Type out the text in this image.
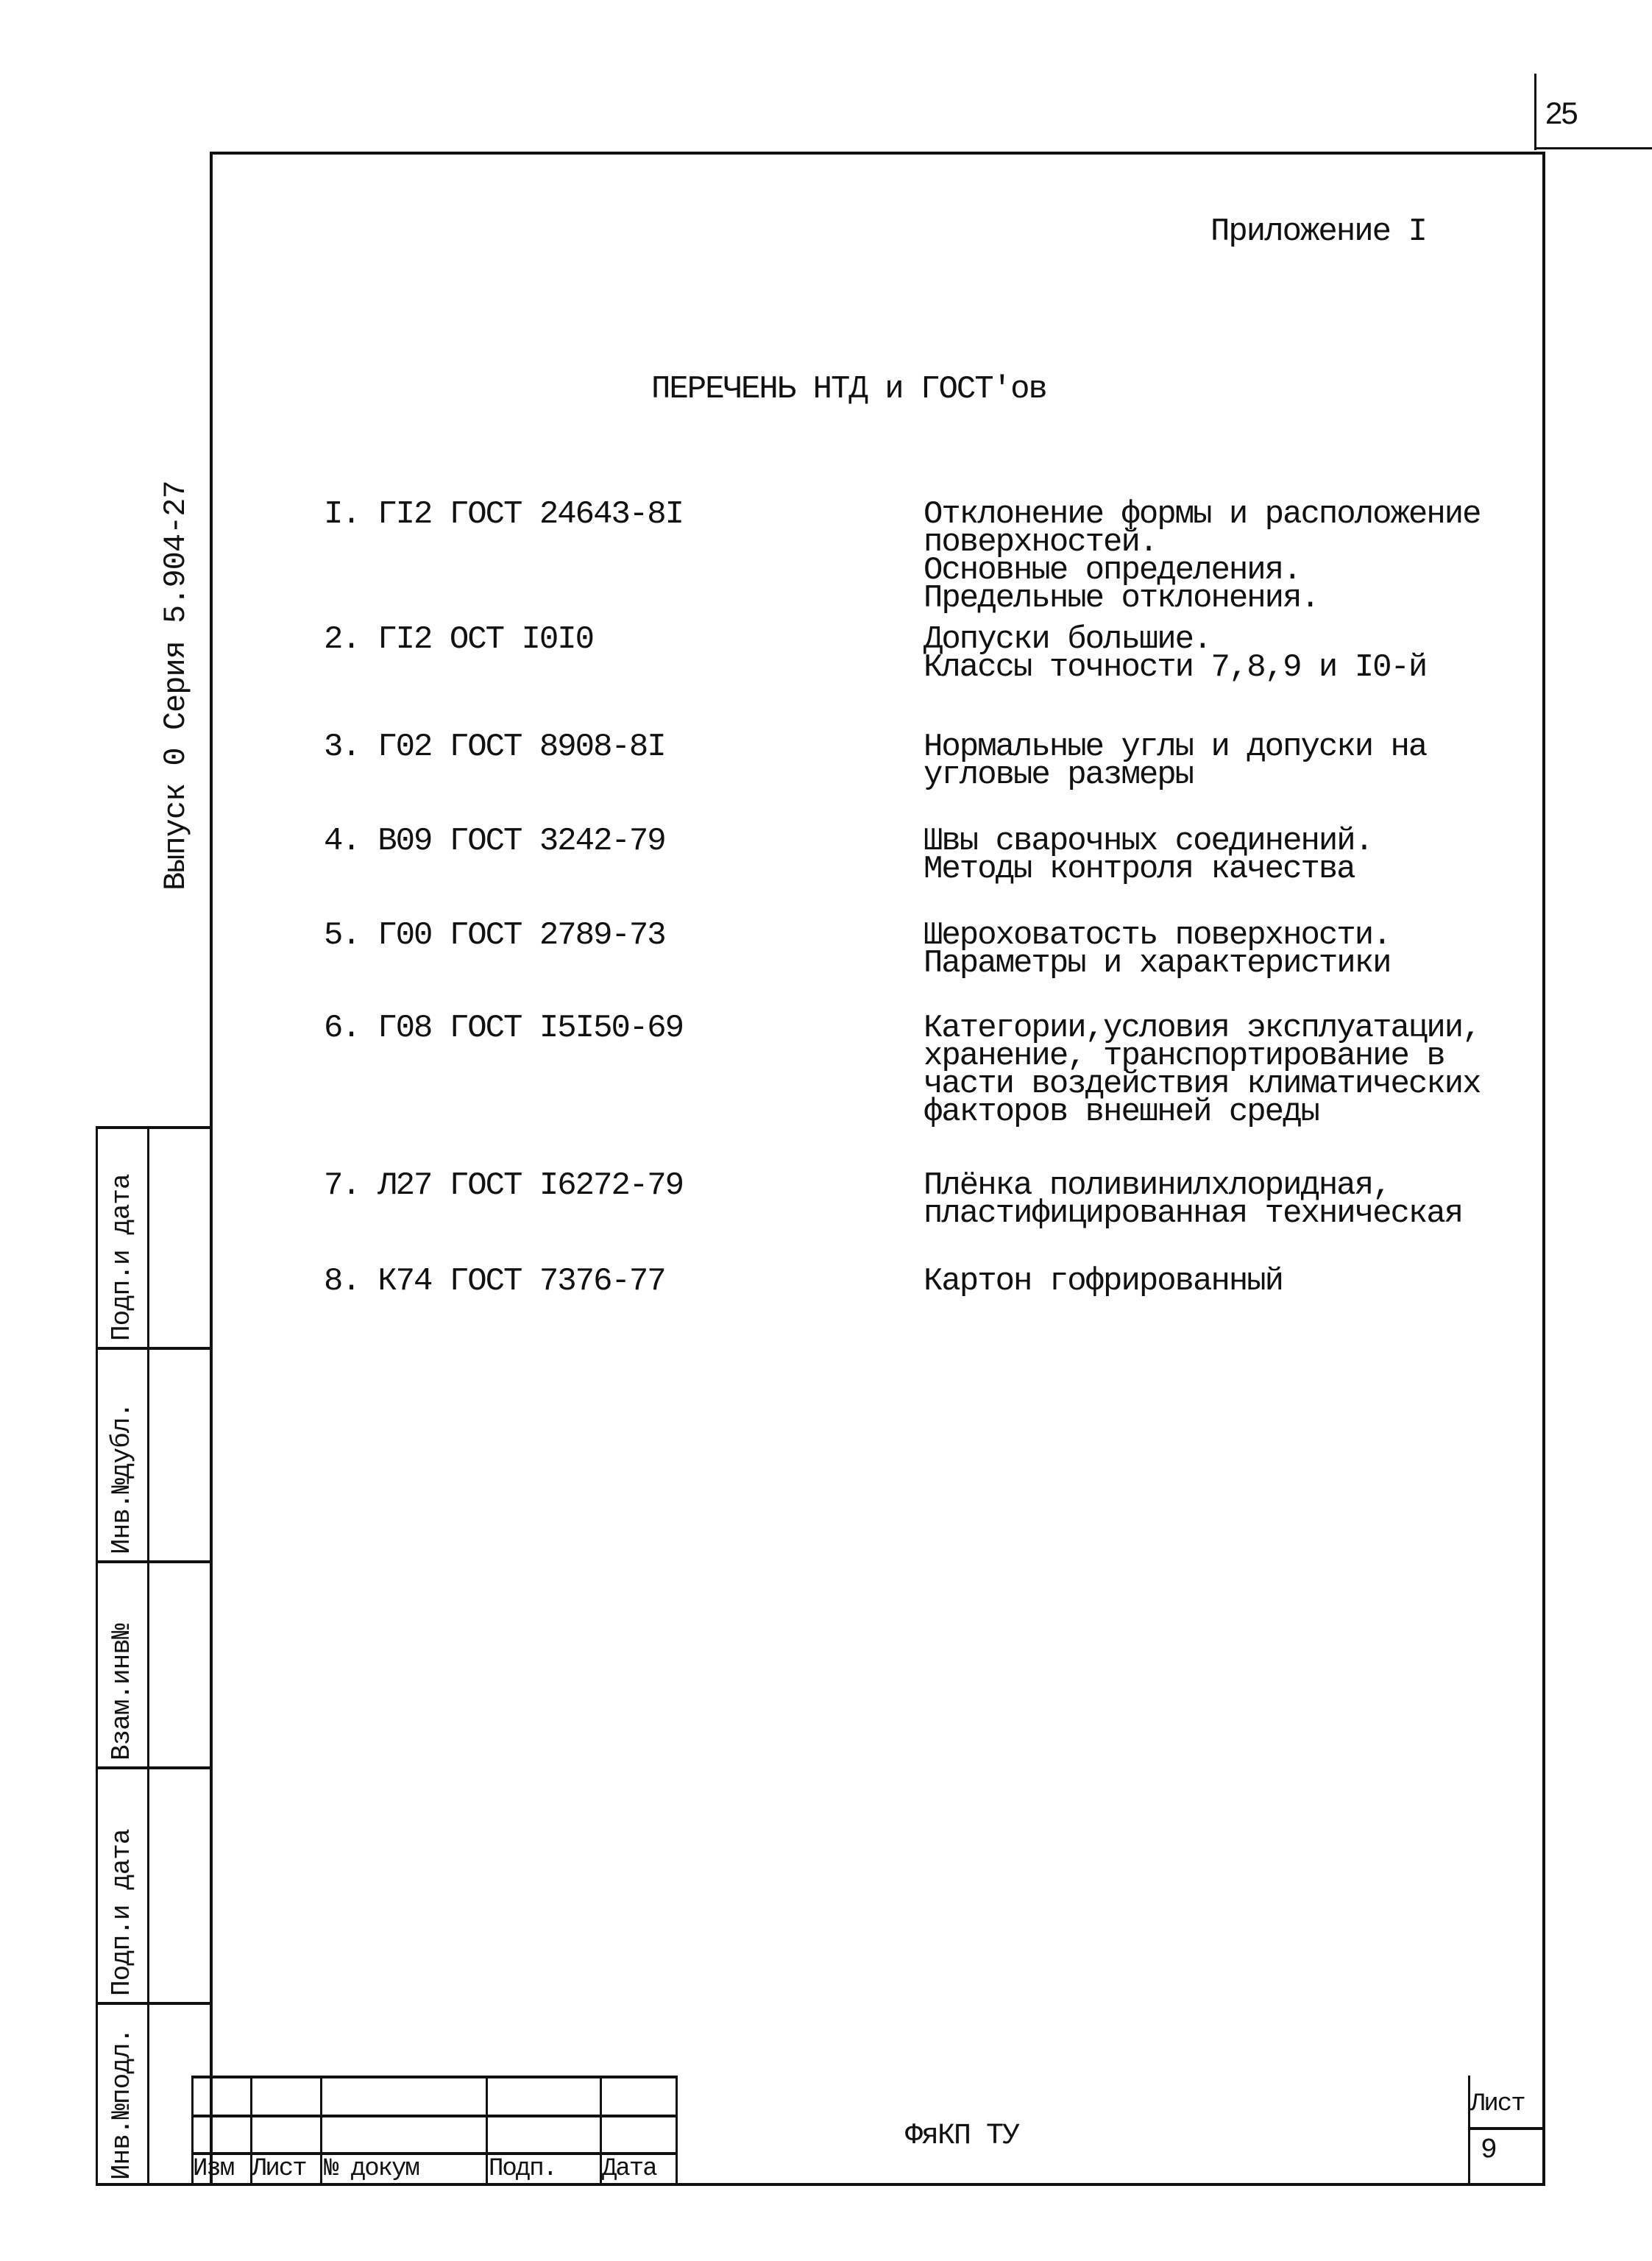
25
Приложение I
ПЕРЕЧЕНЬ НТД и ГОСТ'ов
Выпуск 0 Серия 5.904-27	I. ГI2 ГОСТ 24643-8I	Отклонение формы и расположение
поверхностей.
Основные определения.
Предельные отклонения.
2. ГI2 ОСТ I0I0	Допуски большие.
Классы точности 7,8,9 и I0-й
3. Г02 ГОСТ 8908-8I	Нормальные углы и допуски на
угловые размеры
4. В09 ГОСТ 3242-79	Швы сварочных соединений.
Методы контроля качества
5. Г00 ГОСТ 2789-73	Шероховатость поверхности.
Параметры и характеристики
6. Г08 ГОСТ I5I50-69	Категории,условия эксплуатации,
хранение, транспортирование в
части воздействия климатических
факторов внешней среды
7. Л27 ГОСТ I6272-79	Плёнка поливинилхлоридная,
пластифицированная техническая
8. К74 ГОСТ 7376-77	Картон гофрированный
Подп.и дата
Инв.№дубл.
Взам.инв№
Подп.и дата
Инв.№подл. Изм Лист № докум	Подп. Дата
ФяКП ТУ
Лист
9
